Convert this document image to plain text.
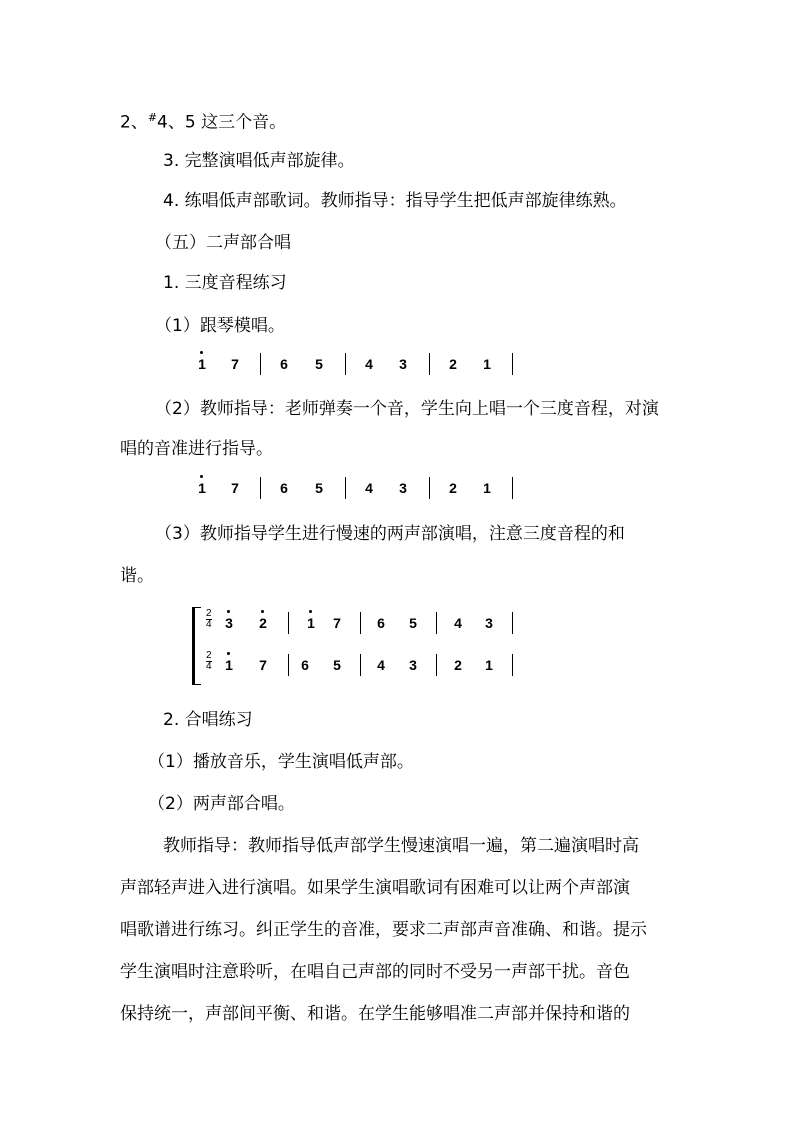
2、#4、5 这三个音。
3. 完整演唱低声部旋律。
4. 练唱低声部歌词。教师指导：指导学生把低声部旋律练熟。
（五）二声部合唱
1. 三度音程练习
（1）跟琴模唱。
1 7	6 5	4 3	2 1
（2）教师指导：老师弹奏一个音，学生向上唱一个三度音程，对演
唱的音准进行指导。
1 7	6 5	4 3	2 1
（3）教师指导学生进行慢速的两声部演唱，注意三度音程的和
谐。
2
4 3 2	1 7	6 5	4 3
2
4 1 7 6 5	4 3	2 1
2. 合唱练习
（1）播放音乐，学生演唱低声部。
（2）两声部合唱。
教师指导：教师指导低声部学生慢速演唱一遍，第二遍演唱时高
声部轻声进入进行演唱。如果学生演唱歌词有困难可以让两个声部演
唱歌谱进行练习。纠正学生的音准，要求二声部声音准确、和谐。提示
学生演唱时注意聆听，在唱自己声部的同时不受另一声部干扰。音色
保持统一，声部间平衡、和谐。在学生能够唱准二声部并保持和谐的
